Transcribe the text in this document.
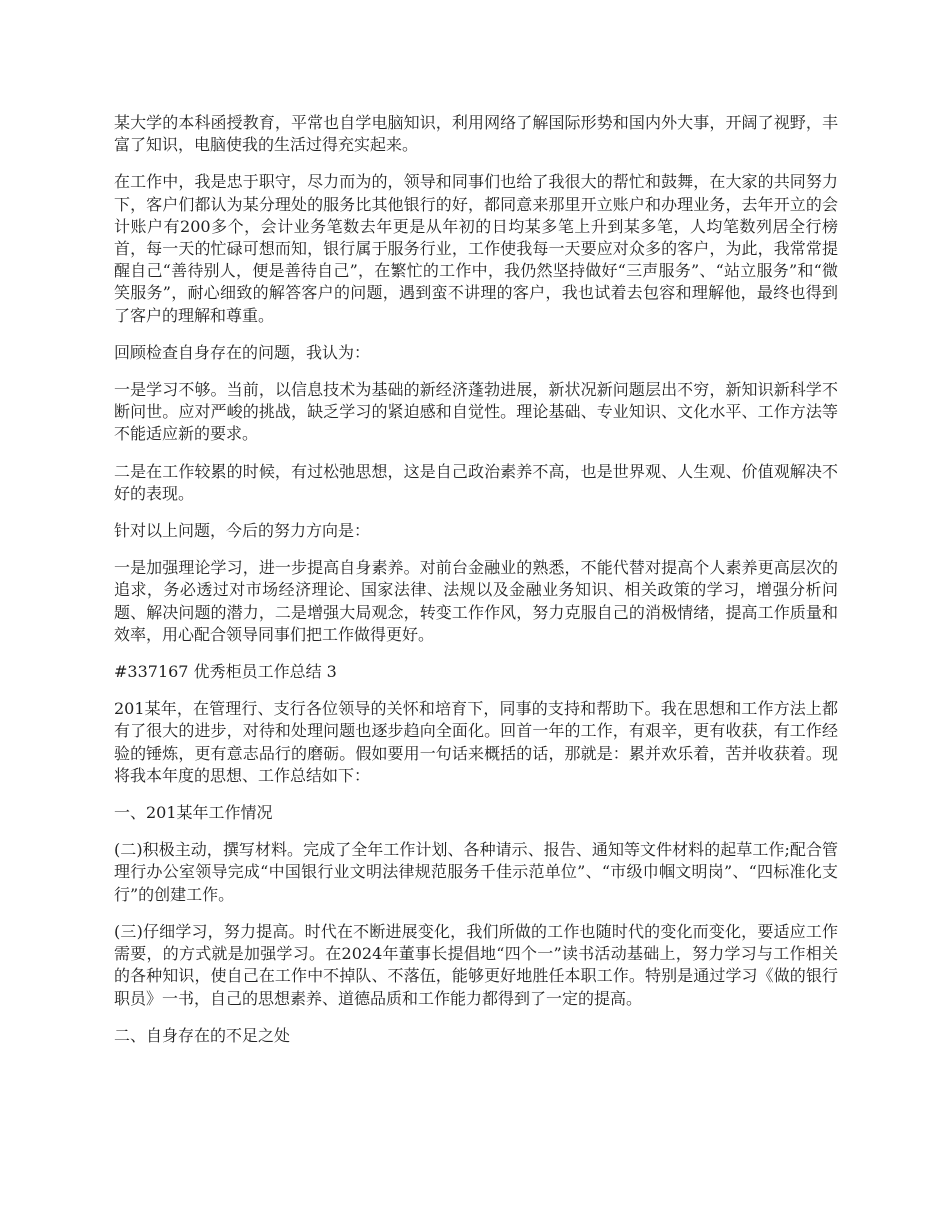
某大学的本科函授教育，平常也自学电脑知识，利用网络了解国际形势和国内外大事，开阔了视野，丰富了知识，电脑使我的生活过得充实起来。

在工作中，我是忠于职守，尽力而为的，领导和同事们也给了我很大的帮忙和鼓舞，在大家的共同努力下，客户们都认为某分理处的服务比其他银行的好，都同意来那里开立账户和办理业务，去年开立的会计账户有200多个，会计业务笔数去年更是从年初的日均某多笔上升到某多笔，人均笔数列居全行榜首，每一天的忙碌可想而知，银行属于服务行业，工作使我每一天要应对众多的客户，为此，我常常提醒自己“善待别人，便是善待自己”，在繁忙的工作中，我仍然坚持做好“三声服务”、“站立服务”和“微笑服务”，耐心细致的解答客户的问题，遇到蛮不讲理的客户，我也试着去包容和理解他，最终也得到了客户的理解和尊重。

回顾检查自身存在的问题，我认为：

一是学习不够。当前，以信息技术为基础的新经济蓬勃进展，新状况新问题层出不穷，新知识新科学不断问世。应对严峻的挑战，缺乏学习的紧迫感和自觉性。理论基础、专业知识、文化水平、工作方法等不能适应新的要求。

二是在工作较累的时候，有过松弛思想，这是自己政治素养不高，也是世界观、人生观、价值观解决不好的表现。

针对以上问题，今后的努力方向是：

一是加强理论学习，进一步提高自身素养。对前台金融业的熟悉，不能代替对提高个人素养更高层次的追求，务必透过对市场经济理论、国家法律、法规以及金融业务知识、相关政策的学习，增强分析问题、解决问题的潜力，二是增强大局观念，转变工作作风，努力克服自己的消极情绪，提高工作质量和效率，用心配合领导同事们把工作做得更好。

#337167 优秀柜员工作总结 3

201某年，在管理行、支行各位领导的关怀和培育下，同事的支持和帮助下。我在思想和工作方法上都有了很大的进步，对待和处理问题也逐步趋向全面化。回首一年的工作，有艰辛，更有收获，有工作经验的锤炼，更有意志品行的磨砺。假如要用一句话来概括的话，那就是：累并欢乐着，苦并收获着。现将我本年度的思想、工作总结如下：

一、201某年工作情况

(二)积极主动，撰写材料。完成了全年工作计划、各种请示、报告、通知等文件材料的起草工作;配合管理行办公室领导完成“中国银行业文明法律规范服务千佳示范单位”、“市级巾帼文明岗”、“四标准化支行”的创建工作。

(三)仔细学习，努力提高。时代在不断进展变化，我们所做的工作也随时代的变化而变化，要适应工作需要，的方式就是加强学习。在2024年董事长提倡地“四个一”读书活动基础上，努力学习与工作相关的各种知识，使自己在工作中不掉队、不落伍，能够更好地胜任本职工作。特别是通过学习《做的银行职员》一书，自己的思想素养、道德品质和工作能力都得到了一定的提高。

二、自身存在的不足之处
